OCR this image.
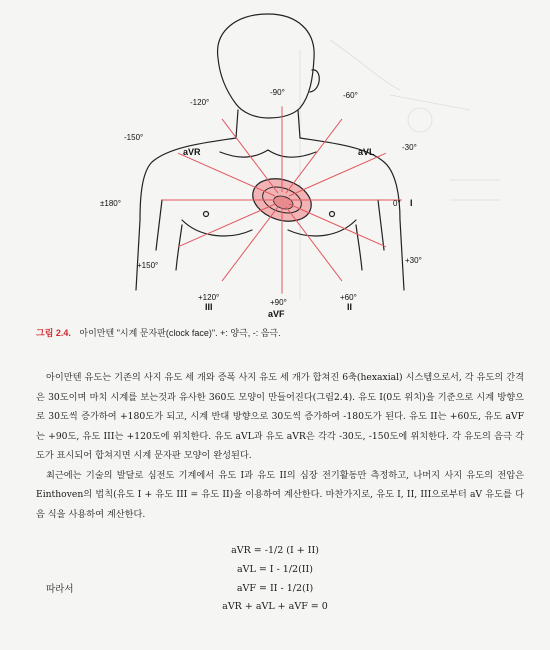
-90°
-120°
-60°
-150°
-30°
±180°	0°
+30°
+150°
+120°
+90°
+60°
aVR	aVL
I
III
aVF
II
그림 2.4. 아이만텐 "시계 문자판(clock face)". +: 양극, -: 음극.

아이만텐 유도는 기존의 사지 유도 세 개와 증폭 사지 유도 세 개가 합쳐진 6축(hexaxial) 시스템으로서, 각 유도의 간격은 30도이며 마치 시계를 보는것과 유사한 360도 모양이 만들어진다(그림2.4). 유도 I(0도 위치)을 기준으로 시계 방향으로 30도씩 증가하여 +180도가 되고, 시계 반대 방향으로 30도씩 증가하여 -180도가 된다. 유도 II는 +60도, 유도 aVF는 +90도, 유도 III는 +120도에 위치한다. 유도 aVL과 유도 aVR은 각각 -30도, -150도에 위치한다. 각 유도의 음극 각도가 표시되어 합쳐지면 시계 문자판 모양이 완성된다.

최근에는 기술의 발달로 심전도 기계에서 유도 I과 유도 II의 심장 전기활동만 측정하고, 나머지 사지 유도의 전압은 Einthoven의 법칙(유도 I + 유도 III = 유도 II)을 이용하여 계산한다. 마찬가지로, 유도 I, II, III으로부터 aV 유도를 다음 식을 사용하여 계산한다.

aVR = -1/2 (I + II)
aVL = I - 1/2(II)
aVF = II - 1/2(I)
따라서
aVR + aVL + aVF = 0
